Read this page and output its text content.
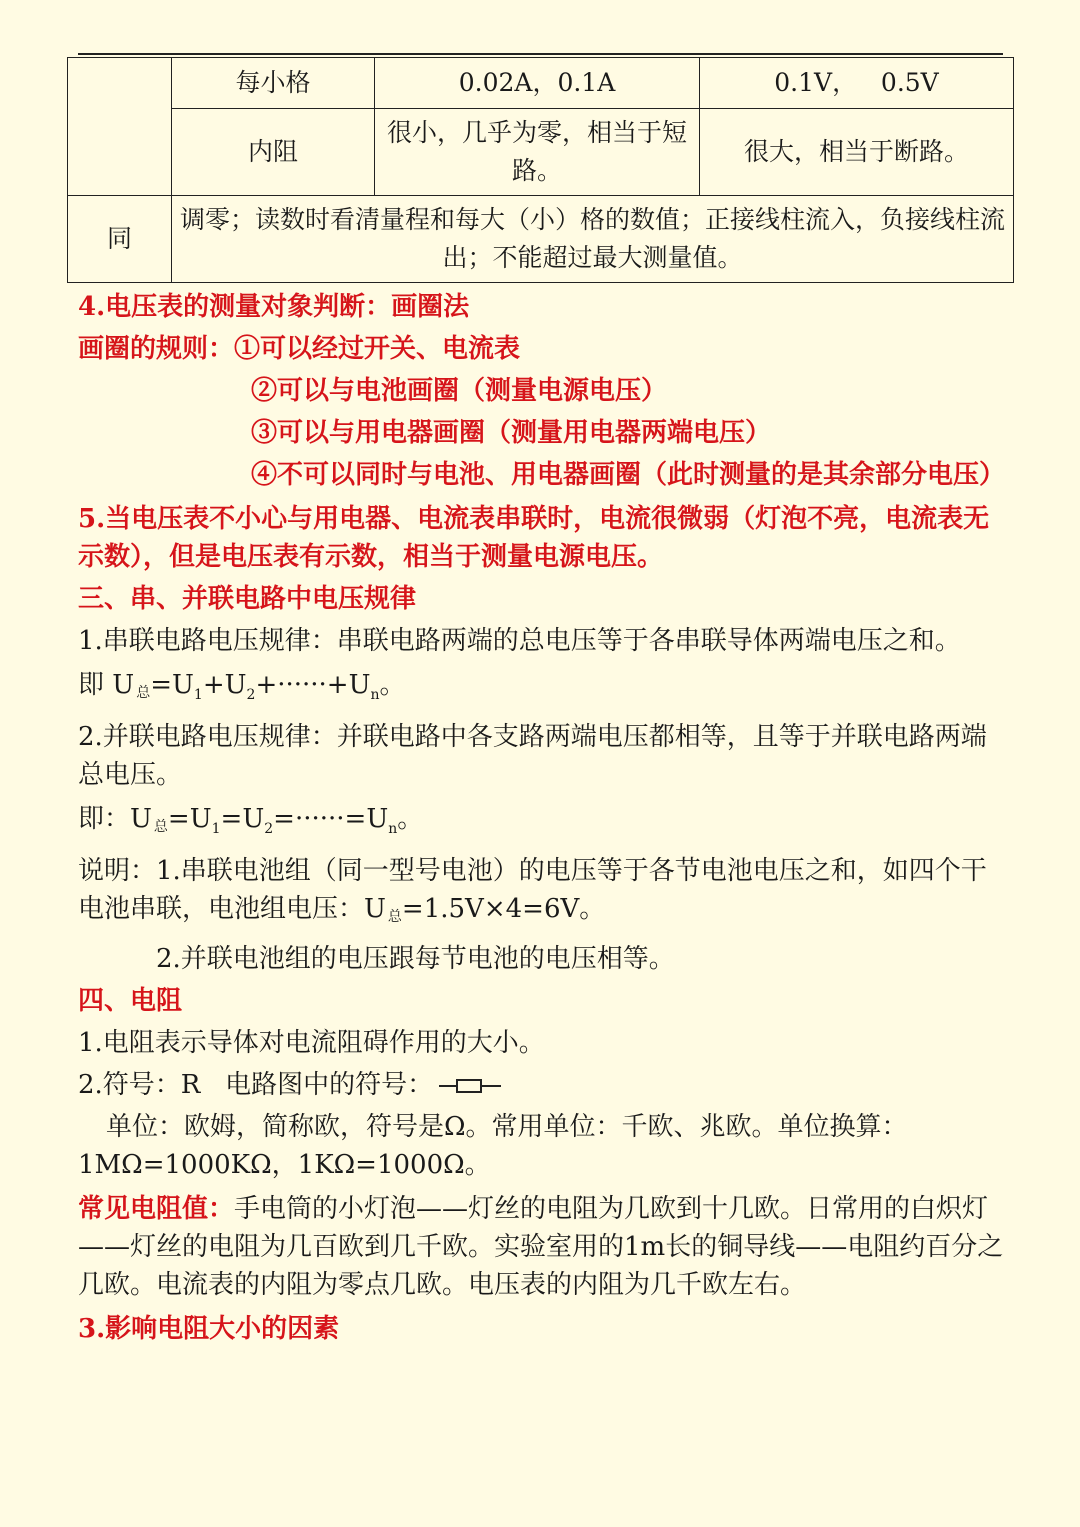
	每小格	0.02A，0.1A	0.1V，   0.5V
	内阻	很小，几乎为零，相当于短路。	很大，相当于断路。
同	调零；读数时看清量程和每大（小）格的数值；正接线柱流入，负接线柱流出；不能超过最大测量值。		

4.电压表的测量对象判断：画圈法

画圈的规则：①可以经过开关、电流表

②可以与电池画圈（测量电源电压）

③可以与用电器画圈（测量用电器两端电压）

④不可以同时与电池、用电器画圈（此时测量的是其余部分电压）

5.当电压表不小心与用电器、电流表串联时，电流很微弱（灯泡不亮，电流表无示数），但是电压表有示数，相当于测量电源电压。

三、串、并联电路中电压规律

1.串联电路电压规律：串联电路两端的总电压等于各串联导体两端电压之和。

即 U 总$=U_1+U_2+\cdot\cdot\cdot\cdot\cdot\cdot+U_n$。

2.并联电路电压规律：并联电路中各支路两端电压都相等，且等于并联电路两端总电压。

即：U 总$=U_1=U_2=\cdot\cdot\cdot\cdot\cdot\cdot=U_n$。

说明：1.串联电池组（同一型号电池）的电压等于各节电池电压之和，如四个干电池串联，电池组电压：U 总=1.5V×4=6V。

2.并联电池组的电压跟每节电池的电压相等。

四、电阻

1.电阻表示导体对电流阻碍作用的大小。

2.符号：R   电路图中的符号：

单位：欧姆，简称欧，符号是Ω。常用单位：千欧、兆欧。单位换算：1MΩ=1000KΩ，1KΩ=1000Ω。

常见电阻值：手电筒的小灯泡——灯丝的电阻为几欧到十几欧。日常用的白炽灯——灯丝的电阻为几百欧到几千欧。实验室用的1m长的铜导线——电阻约百分之几欧。电流表的内阻为零点几欧。电压表的内阻为几千欧左右。

3.影响电阻大小的因素
